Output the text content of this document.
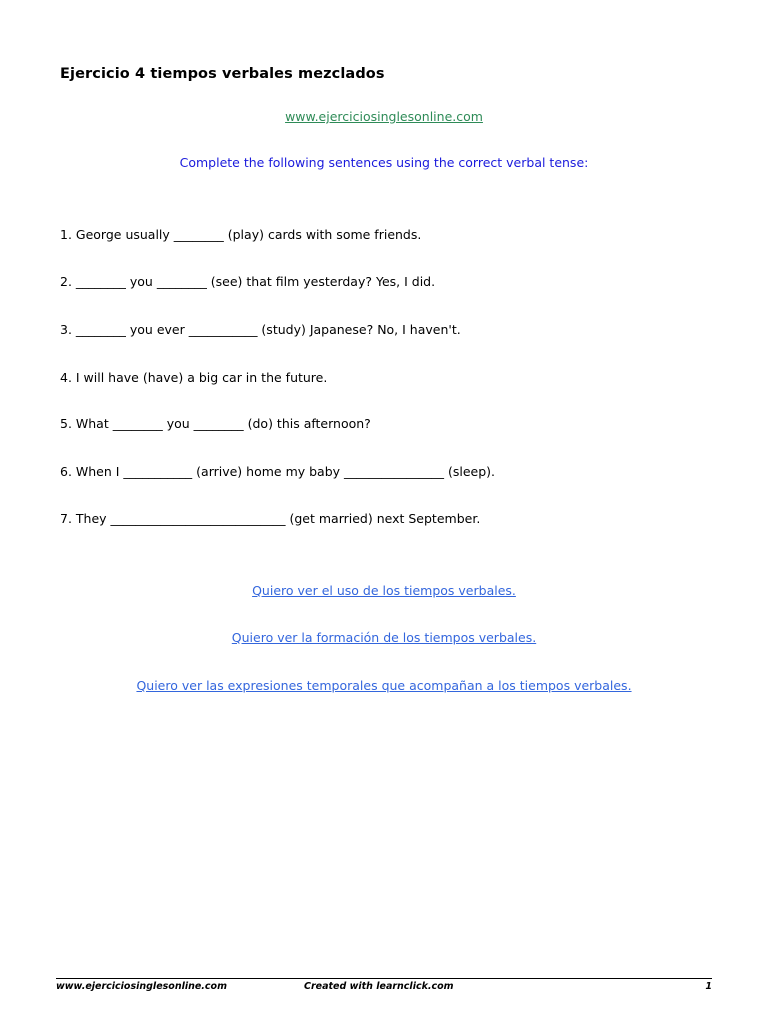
Ejercicio 4 tiempos verbales mezclados
www.ejerciciosinglesonline.com
Complete the following sentences using the correct verbal tense:
1. George usually ________ (play) cards with some friends.
2. ________ you ________ (see) that film yesterday? Yes, I did.
3. ________ you ever ___________ (study) Japanese? No, I haven't.
4. I will have (have) a big car in the future.
5. What ________ you ________ (do) this afternoon?
6. When I ___________ (arrive) home my baby ________________ (sleep).
7. They ____________________________ (get married) next September.
Quiero ver el uso de los tiempos verbales.
Quiero ver la formación de los tiempos verbales.
Quiero ver las expresiones temporales que acompañan a los tiempos verbales.
www.ejerciciosinglesonline.com	Created with learnclick.com	1
